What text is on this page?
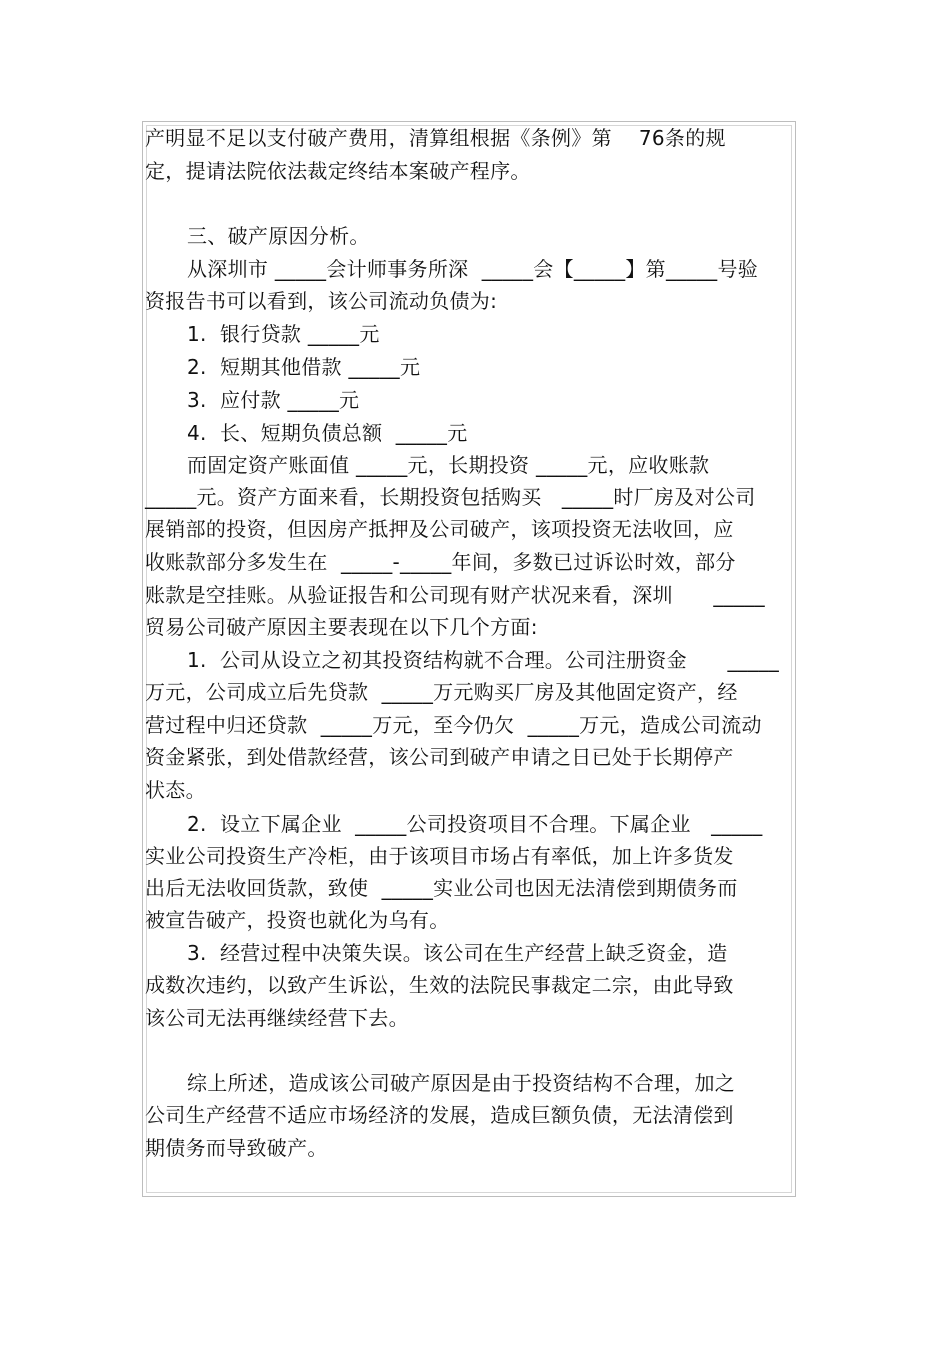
产明显不足以支付破产费用，清算组根据《条例》第　 76条的规
定，提请法院依法裁定终结本案破产程序。
三、破产原因分析。
从深圳市 _____会计师事务所深  _____会【_____】第_____号验
资报告书可以看到，该公司流动负债为:
1.  银行贷款 _____元
2.  短期其他借款 _____元
3.  应付款 _____元
4.  长、短期负债总额  _____元
而固定资产账面值 _____元，长期投资 _____元，应收账款
_____元。资产方面来看，长期投资包括购买　_____时厂房及对公司
展销部的投资，但因房产抵押及公司破产，该项投资无法收回，应
收账款部分多发生在  _____-_____年间，多数已过诉讼时效，部分
账款是空挂账。从验证报告和公司现有财产状况来看，深圳　　_____
贸易公司破产原因主要表现在以下几个方面:
1.  公司从设立之初其投资结构就不合理。公司注册资金　　_____
万元，公司成立后先贷款  _____万元购买厂房及其他固定资产，经
营过程中归还贷款  _____万元，至今仍欠  _____万元，造成公司流动
资金紧张，到处借款经营，该公司到破产申请之日已处于长期停产
状态。
2.  设立下属企业  _____公司投资项目不合理。下属企业　_____
实业公司投资生产冷柜，由于该项目市场占有率低，加上许多货发
出后无法收回货款，致使  _____实业公司也因无法清偿到期债务而
被宣告破产，投资也就化为乌有。
3.  经营过程中决策失误。该公司在生产经营上缺乏资金，造
成数次违约，以致产生诉讼，生效的法院民事裁定二宗，由此导致
该公司无法再继续经营下去。
综上所述，造成该公司破产原因是由于投资结构不合理，加之
公司生产经营不适应市场经济的发展，造成巨额负债，无法清偿到
期债务而导致破产。
